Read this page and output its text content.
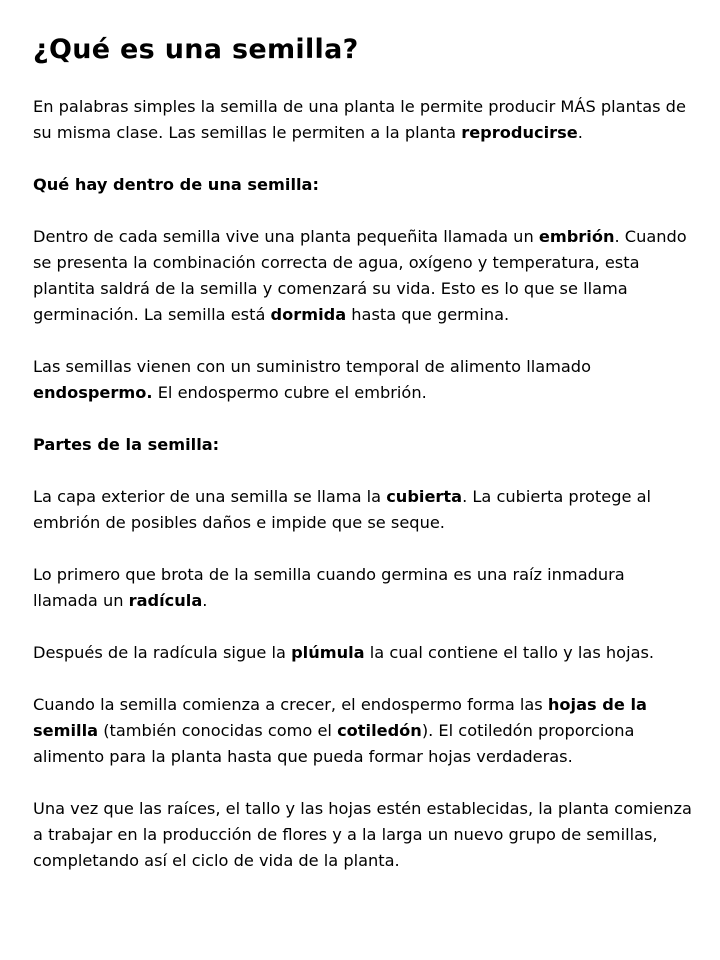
¿Qué es una semilla?

En palabras simples la semilla de una planta le permite producir MÁS plantas de su misma clase. Las semillas le permiten a la planta reproducirse.

Qué hay dentro de una semilla:

Dentro de cada semilla vive una planta pequeñita llamada un embrión. Cuando se presenta la combinación correcta de agua, oxígeno y temperatura, esta plantita saldrá de la semilla y comenzará su vida. Esto es lo que se llama germinación. La semilla está dormida hasta que germina.

Las semillas vienen con un suministro temporal de alimento llamado endospermo. El endospermo cubre el embrión.

Partes de la semilla:

La capa exterior de una semilla se llama la cubierta. La cubierta protege al embrión de posibles daños e impide que se seque.

Lo primero que brota de la semilla cuando germina es una raíz inmadura llamada un radícula.

Después de la radícula sigue la plúmula la cual contiene el tallo y las hojas.

Cuando la semilla comienza a crecer, el endospermo forma las hojas de la semilla (también conocidas como el cotiledón). El cotiledón proporciona alimento para la planta hasta que pueda formar hojas verdaderas.

Una vez que las raíces, el tallo y las hojas estén establecidas, la planta comienza a trabajar en la producción de flores y a la larga un nuevo grupo de semillas, completando así el ciclo de vida de la planta.
